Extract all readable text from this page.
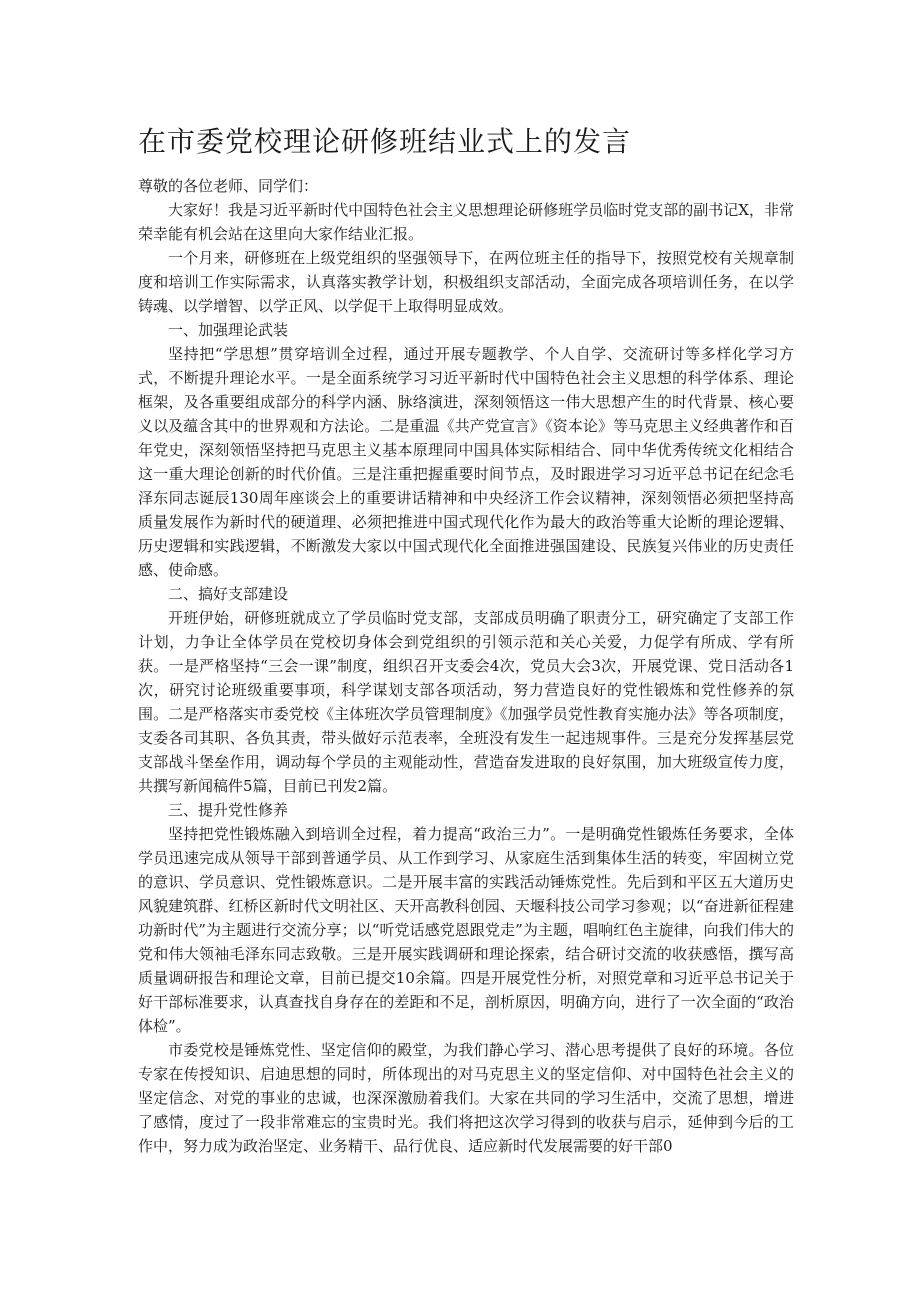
在市委党校理论研修班结业式上的发言

尊敬的各位老师、同学们：

大家好！我是习近平新时代中国特色社会主义思想理论研修班学员临时党支部的副书记X，非常荣幸能有机会站在这里向大家作结业汇报。

一个月来，研修班在上级党组织的坚强领导下，在两位班主任的指导下，按照党校有关规章制度和培训工作实际需求，认真落实教学计划，积极组织支部活动，全面完成各项培训任务，在以学铸魂、以学增智、以学正风、以学促干上取得明显成效。

一、加强理论武装

坚持把“学思想”贯穿培训全过程，通过开展专题教学、个人自学、交流研讨等多样化学习方式，不断提升理论水平。一是全面系统学习习近平新时代中国特色社会主义思想的科学体系、理论框架，及各重要组成部分的科学内涵、脉络演进，深刻领悟这一伟大思想产生的时代背景、核心要义以及蕴含其中的世界观和方法论。二是重温《共产党宣言》《资本论》等马克思主义经典著作和百年党史，深刻领悟坚持把马克思主义基本原理同中国具体实际相结合、同中华优秀传统文化相结合这一重大理论创新的时代价值。三是注重把握重要时间节点，及时跟进学习习近平总书记在纪念毛泽东同志诞辰130周年座谈会上的重要讲话精神和中央经济工作会议精神，深刻领悟必须把坚持高质量发展作为新时代的硬道理、必须把推进中国式现代化作为最大的政治等重大论断的理论逻辑、历史逻辑和实践逻辑，不断激发大家以中国式现代化全面推进强国建设、民族复兴伟业的历史责任感、使命感。

二、搞好支部建设

开班伊始，研修班就成立了学员临时党支部，支部成员明确了职责分工，研究确定了支部工作计划，力争让全体学员在党校切身体会到党组织的引领示范和关心关爱，力促学有所成、学有所获。一是严格坚持“三会一课”制度，组织召开支委会4次，党员大会3次，开展党课、党日活动各1次，研究讨论班级重要事项，科学谋划支部各项活动，努力营造良好的党性锻炼和党性修养的氛围。二是严格落实市委党校《主体班次学员管理制度》《加强学员党性教育实施办法》等各项制度，支委各司其职、各负其责，带头做好示范表率，全班没有发生一起违规事件。三是充分发挥基层党支部战斗堡垒作用，调动每个学员的主观能动性，营造奋发进取的良好氛围，加大班级宣传力度，共撰写新闻稿件5篇，目前已刊发2篇。

三、提升党性修养

坚持把党性锻炼融入到培训全过程，着力提高“政治三力”。一是明确党性锻炼任务要求，全体学员迅速完成从领导干部到普通学员、从工作到学习、从家庭生活到集体生活的转变，牢固树立党的意识、学员意识、党性锻炼意识。二是开展丰富的实践活动锤炼党性。先后到和平区五大道历史风貌建筑群、红桥区新时代文明社区、天开高教科创园、天堰科技公司学习参观；以“奋进新征程建功新时代”为主题进行交流分享；以“听党话感党恩跟党走”为主题，唱响红色主旋律，向我们伟大的党和伟大领袖毛泽东同志致敬。三是开展实践调研和理论探索，结合研讨交流的收获感悟，撰写高质量调研报告和理论文章，目前已提交10余篇。四是开展党性分析，对照党章和习近平总书记关于好干部标准要求，认真查找自身存在的差距和不足，剖析原因，明确方向，进行了一次全面的“政治体检”。

市委党校是锤炼党性、坚定信仰的殿堂，为我们静心学习、潜心思考提供了良好的环境。各位专家在传授知识、启迪思想的同时，所体现出的对马克思主义的坚定信仰、对中国特色社会主义的坚定信念、对党的事业的忠诚，也深深激励着我们。大家在共同的学习生活中，交流了思想，增进了感情，度过了一段非常难忘的宝贵时光。我们将把这次学习得到的收获与启示，延伸到今后的工作中，努力成为政治坚定、业务精干、品行优良、适应新时代发展需要的好干部0
